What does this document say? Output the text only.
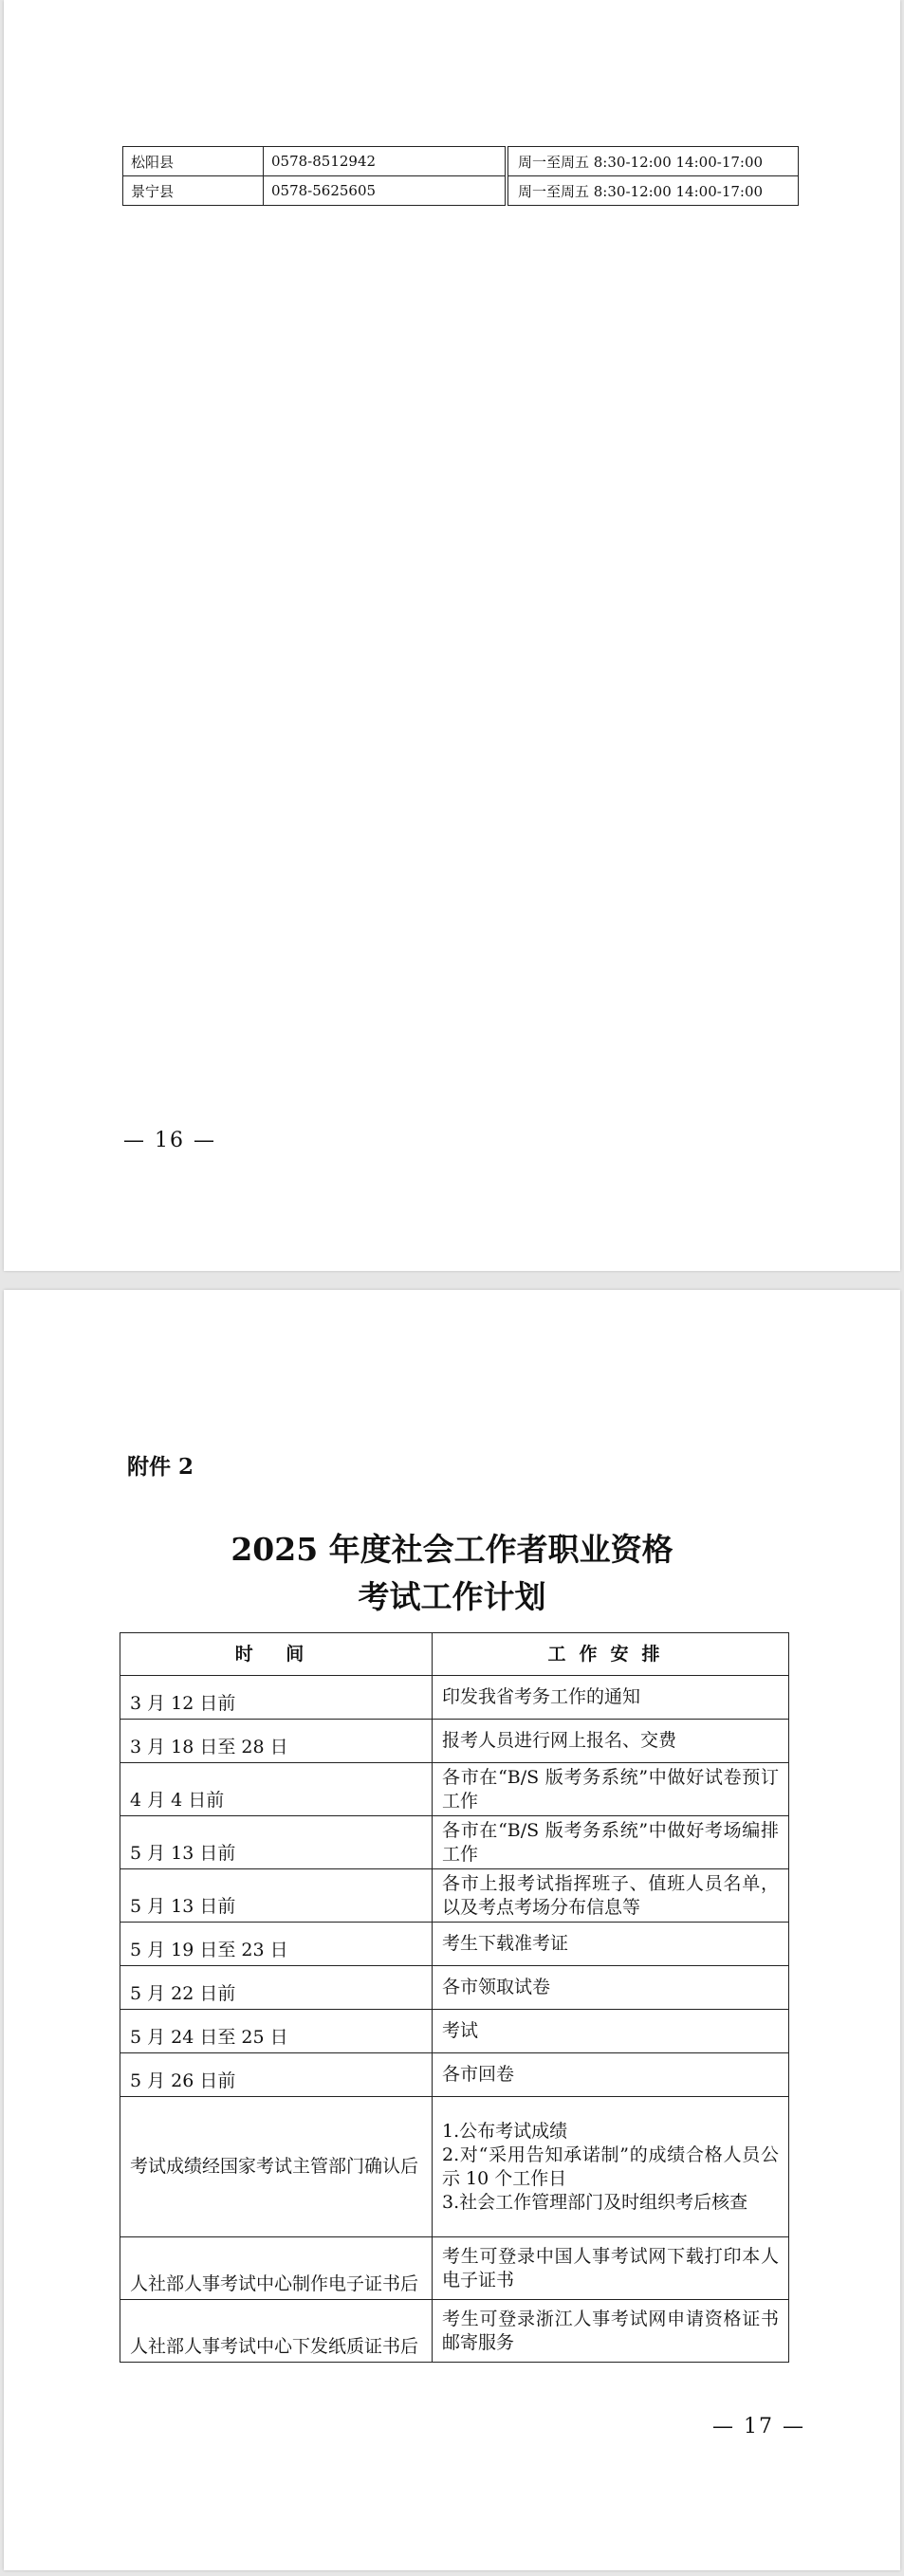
松阳县	0578-8512942	周一至周五 8:30-12:00 14:00-17:00
景宁县	0578-5625605	周一至周五 8:30-12:00 14:00-17:00
— 16 —
附件 2
2025 年度社会工作者职业资格
考试工作计划
时 间	工作安排
3 月 12 日前	印发我省考务工作的通知

3 月 18 日至 28 日	报考人员进行网上报名、交费

4 月 4 日前	各市在“B/S 版考务系统”中做好试卷预订工作

5 月 13 日前	各市在“B/S 版考务系统”中做好考场编排工作

5 月 13 日前	各市上报考试指挥班子、值班人员名单，以及考点考场分布信息等

5 月 19 日至 23 日	考生下载准考证

5 月 22 日前	各市领取试卷

5 月 24 日至 25 日	考试

5 月 26 日前	各市回卷

考试成绩经国家考试主管部门确认后	1.公布考试成绩
2.对“采用告知承诺制”的成绩合格人员公示 10 个工作日
3.社会工作管理部门及时组织考后核查

人社部人事考试中心制作电子证书后	考生可登录中国人事考试网下载打印本人电子证书

人社部人事考试中心下发纸质证书后	考生可登录浙江人事考试网申请资格证书邮寄服务
— 17 —
